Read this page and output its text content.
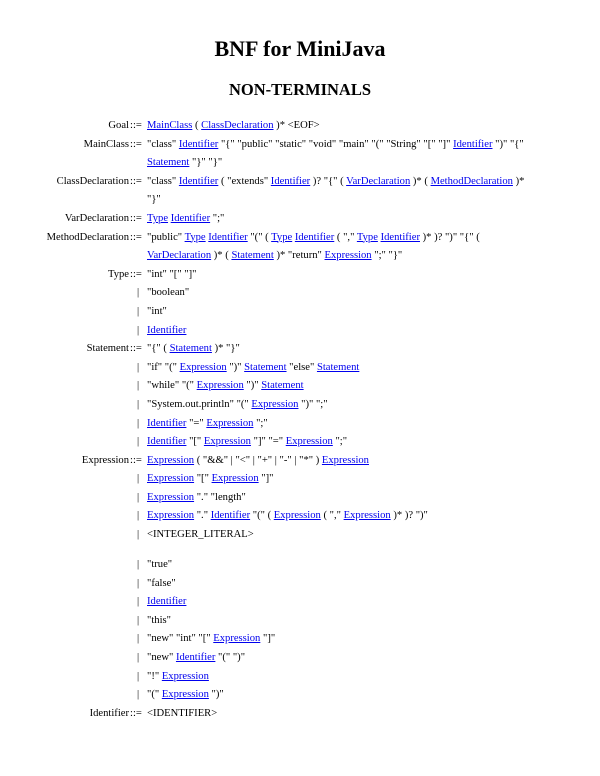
BNF for MiniJava
NON-TERMINALS
Goal ::= MainClass ( ClassDeclaration )* <EOF>
MainClass ::= "class" Identifier "{" "public" "static" "void" "main" "(" "String" "[" "]" Identifier ")" "{"
Statement "}" "}"
ClassDeclaration ::= "class" Identifier ( "extends" Identifier )? "{" ( VarDeclaration )* ( MethodDeclaration )*
"}"
VarDeclaration ::= Type Identifier ";"
MethodDeclaration ::= "public" Type Identifier "(" ( Type Identifier ( "," Type Identifier )* )? ")" "{" (
VarDeclaration )* ( Statement )* "return" Expression ";" "}"
Type ::= "int" "[" "]"
| "boolean"
| "int"
| Identifier
Statement ::= "{" ( Statement )* "}"
| "if" "(" Expression ")" Statement "else" Statement
| "while" "(" Expression ")" Statement
| "System.out.println" "(" Expression ")" ";"
| Identifier "=" Expression ";"
| Identifier "[" Expression "]" "=" Expression ";"
Expression ::= Expression ( "&&" | "<" | "+" | "-" | "*" ) Expression
| Expression "[" Expression "]"
| Expression "." "length"
| Expression "." Identifier "(" ( Expression ( "," Expression )* )? ")"
| <INTEGER_LITERAL>
| "true"
| "false"
| Identifier
| "this"
| "new" "int" "[" Expression "]"
| "new" Identifier "(" ")"
| "!" Expression
| "(" Expression ")"
Identifier ::= <IDENTIFIER>
